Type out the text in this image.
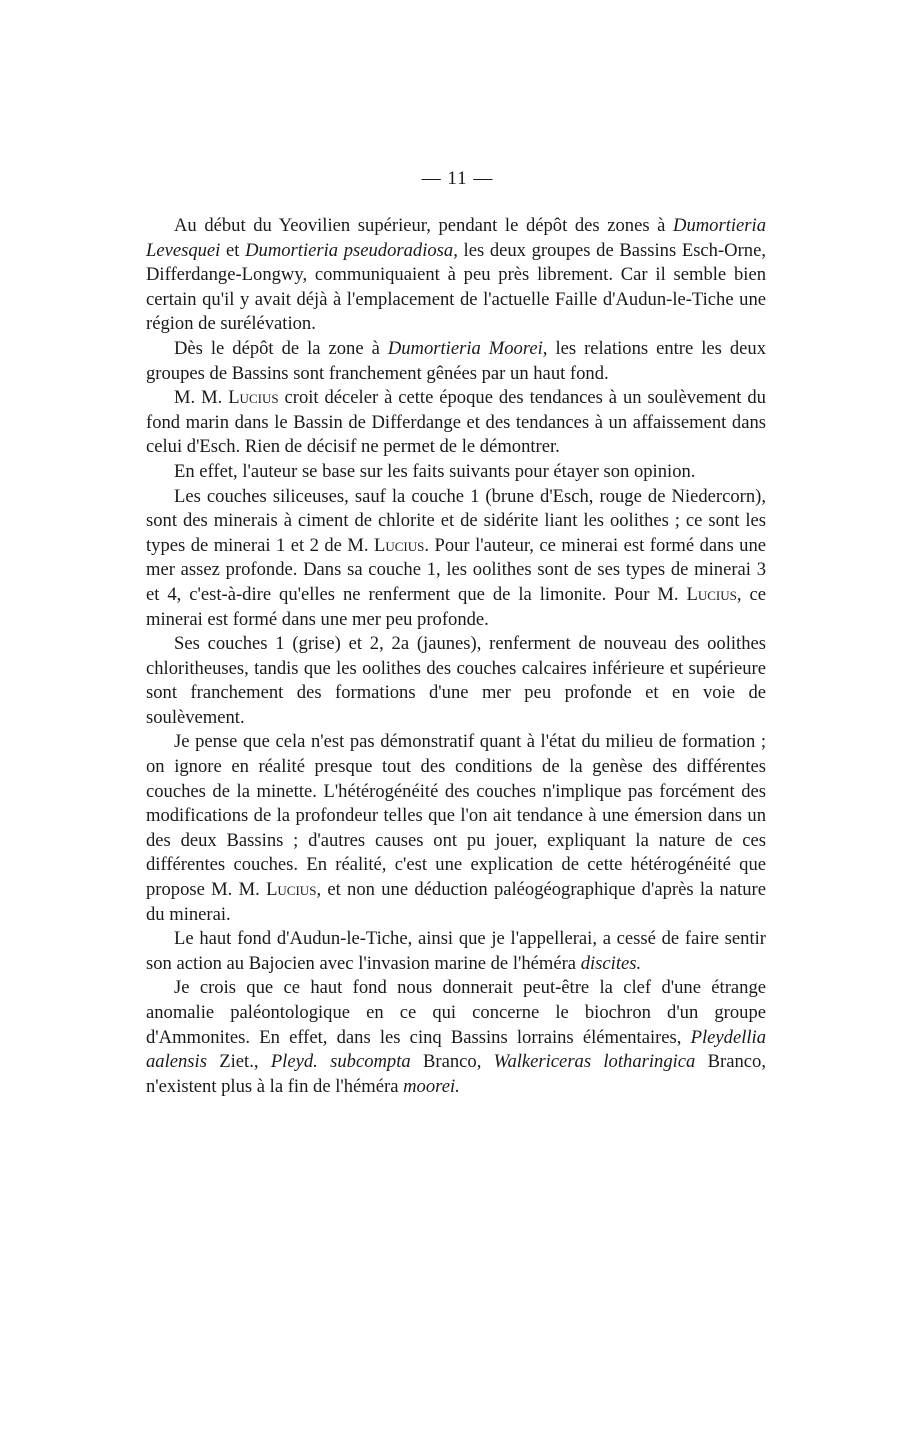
— 11 —

Au début du Yeovilien supérieur, pendant le dépôt des zones à Dumortieria Levesquei et Dumortieria pseudoradiosa, les deux groupes de Bassins Esch-Orne, Differdange-Longwy, communiquaient à peu près librement. Car il semble bien certain qu'il y avait déjà à l'emplacement de l'actuelle Faille d'Audun-le-Tiche une région de surélévation.

Dès le dépôt de la zone à Dumortieria Moorei, les relations entre les deux groupes de Bassins sont franchement gênées par un haut fond.

M. M. Lucius croit déceler à cette époque des tendances à un soulèvement du fond marin dans le Bassin de Differdange et des tendances à un affaissement dans celui d'Esch. Rien de décisif ne permet de le démontrer.

En effet, l'auteur se base sur les faits suivants pour étayer son opinion.

Les couches siliceuses, sauf la couche 1 (brune d'Esch, rouge de Niedercorn), sont des minerais à ciment de chlorite et de sidérite liant les oolithes ; ce sont les types de minerai 1 et 2 de M. Lucius. Pour l'auteur, ce minerai est formé dans une mer assez profonde. Dans sa couche 1, les oolithes sont de ses types de minerai 3 et 4, c'est-à-dire qu'elles ne renferment que de la limonite. Pour M. Lucius, ce minerai est formé dans une mer peu profonde.

Ses couches 1 (grise) et 2, 2a (jaunes), renferment de nouveau des oolithes chloritheuses, tandis que les oolithes des couches calcaires inférieure et supérieure sont franchement des formations d'une mer peu profonde et en voie de soulèvement.

Je pense que cela n'est pas démonstratif quant à l'état du milieu de formation ; on ignore en réalité presque tout des conditions de la genèse des différentes couches de la minette. L'hétérogénéité des couches n'implique pas forcément des modifications de la profondeur telles que l'on ait tendance à une émersion dans un des deux Bassins ; d'autres causes ont pu jouer, expliquant la nature de ces différentes couches. En réalité, c'est une explication de cette hétérogénéité que propose M. M. Lucius, et non une déduction paléogéographique d'après la nature du minerai.

Le haut fond d'Audun-le-Tiche, ainsi que je l'appellerai, a cessé de faire sentir son action au Bajocien avec l'invasion marine de l'héméra discites.

Je crois que ce haut fond nous donnerait peut-être la clef d'une étrange anomalie paléontologique en ce qui concerne le biochron d'un groupe d'Ammonites. En effet, dans les cinq Bassins lorrains élémentaires, Pleydellia aalensis Ziet., Pleyd. subcompta Branco, Walkericeras lotharingica Branco, n'existent plus à la fin de l'héméra moorei.
